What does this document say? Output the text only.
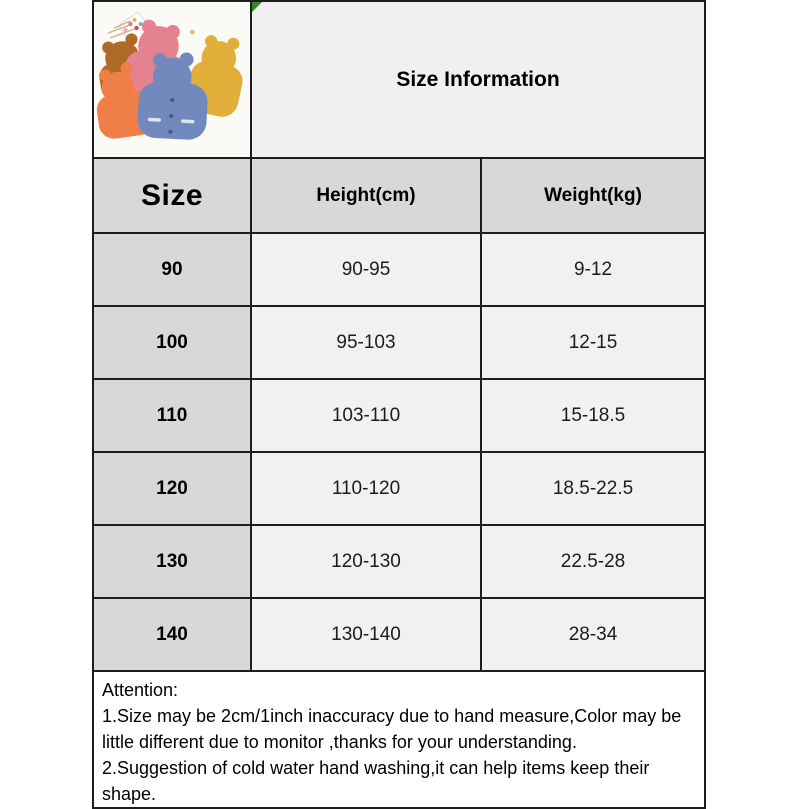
Size Information	
Size	Height(cm)	Weight(kg)
90	90-95	9-12
100	95-103	12-15
110	103-110	15-18.5
120	110-120	18.5-22.5
130	120-130	22.5-28
140	130-140	28-34

Attention:
1.Size may be 2cm/1inch inaccuracy due to hand measure,Color may be little different due to monitor ,thanks for your understanding.
2.Suggestion of cold water hand washing,it can help items keep their shape.		
